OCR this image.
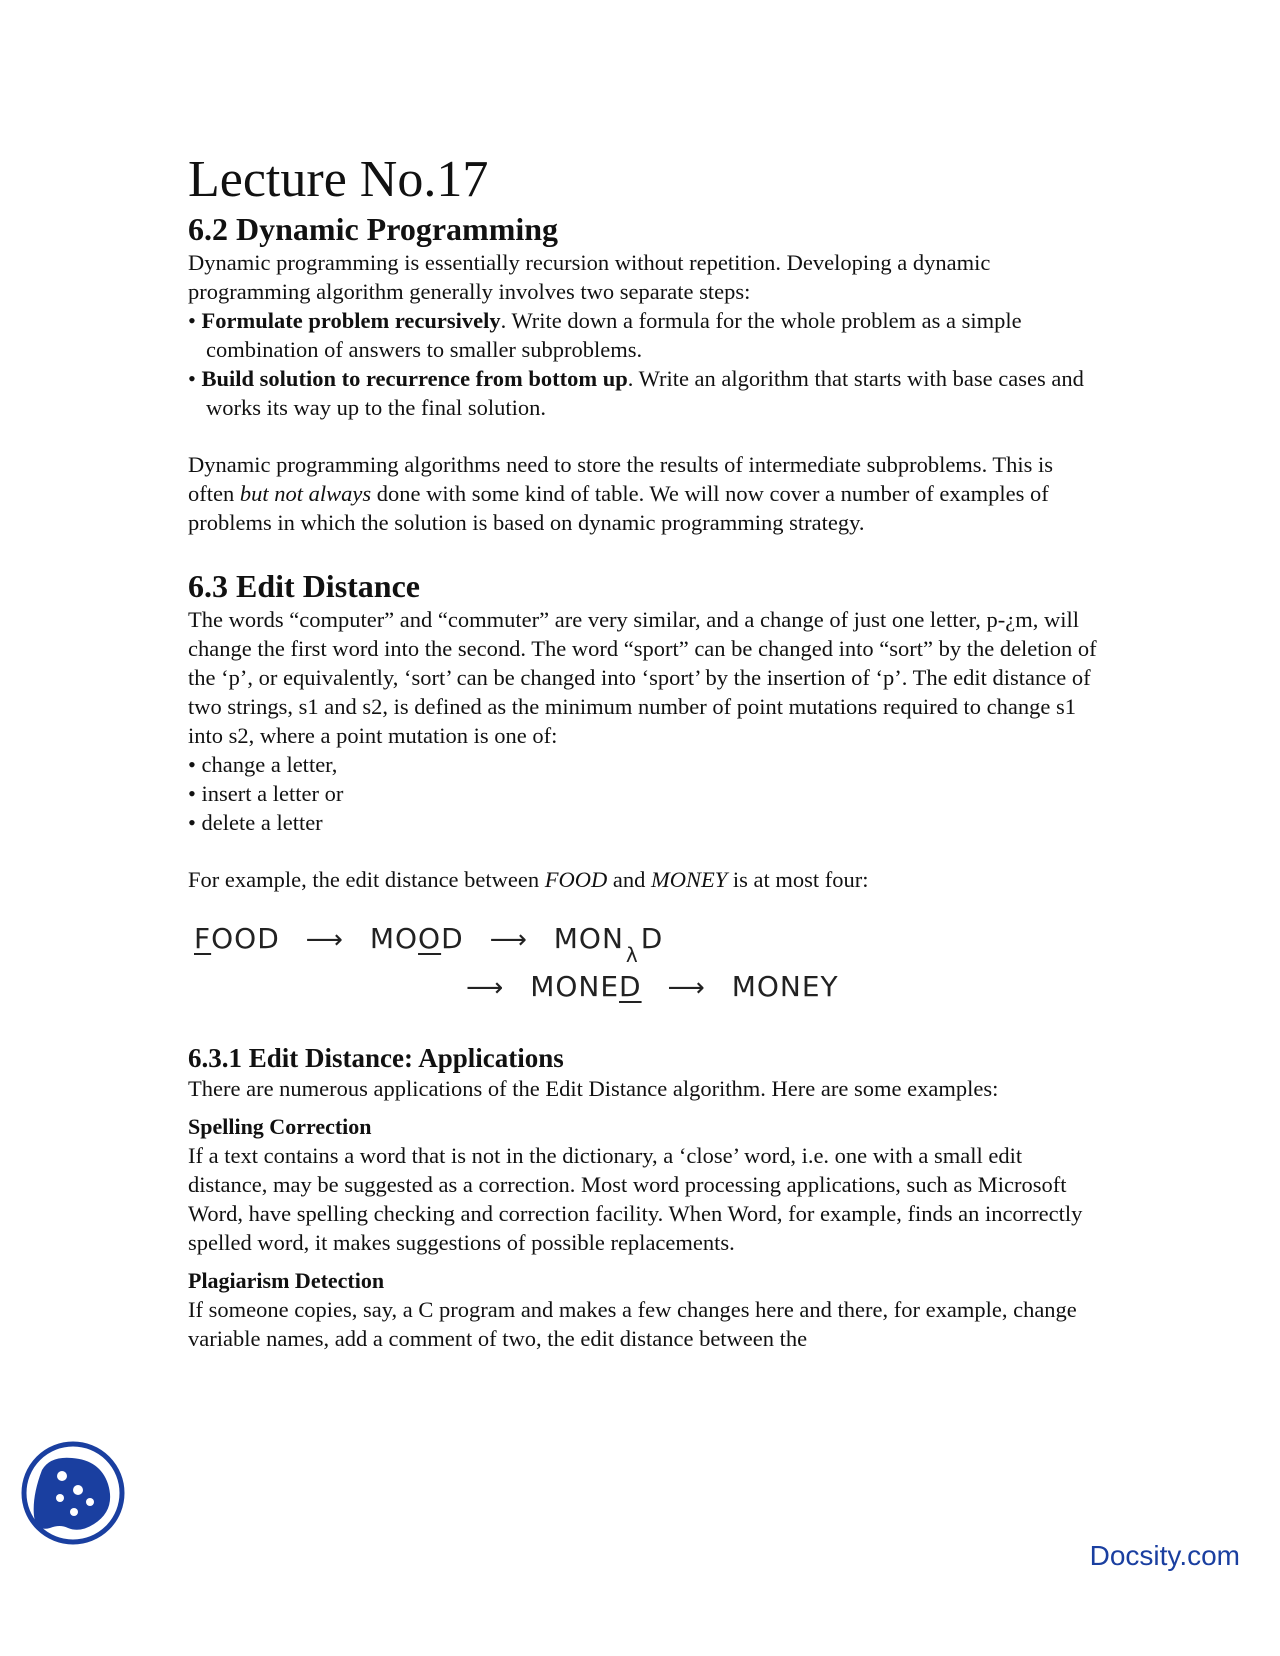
Lecture No.17
6.2 Dynamic Programming

Dynamic programming is essentially recursion without repetition. Developing a dynamic programming algorithm generally involves two separate steps:

• Formulate problem recursively. Write down a formula for the whole problem as a simple combination of answers to smaller subproblems.
• Build solution to recurrence from bottom up. Write an algorithm that starts with base cases and works its way up to the final solution.

Dynamic programming algorithms need to store the results of intermediate subproblems. This is often but not always done with some kind of table. We will now cover a number of examples of problems in which the solution is based on dynamic programming strategy.

6.3 Edit Distance

The words “computer” and “commuter” are very similar, and a change of just one letter, p-¿m, will change the first word into the second. The word “sport” can be changed into “sort” by the deletion of the ‘p’, or equivalently, ‘sort’ can be changed into ‘sport’ by the insertion of ‘p’. The edit distance of two strings, s1 and s2, is defined as the minimum number of point mutations required to change s1 into s2, where a point mutation is one of:

• change a letter,
• insert a letter or
• delete a letter

For example, the edit distance between FOOD and MONEY is at most four:

FOOD ⟶ MOOD ⟶ MON λD
⟶ MONED ⟶ MONEY
6.3.1 Edit Distance: Applications

There are numerous applications of the Edit Distance algorithm. Here are some examples:

Spelling Correction

If a text contains a word that is not in the dictionary, a ‘close’ word, i.e. one with a small edit distance, may be suggested as a correction. Most word processing applications, such as Microsoft Word, have spelling checking and correction facility. When Word, for example, finds an incorrectly spelled word, it makes suggestions of possible replacements.

Plagiarism Detection

If someone copies, say, a C program and makes a few changes here and there, for example, change variable names, add a comment of two, the edit distance between the

Docsity.com
